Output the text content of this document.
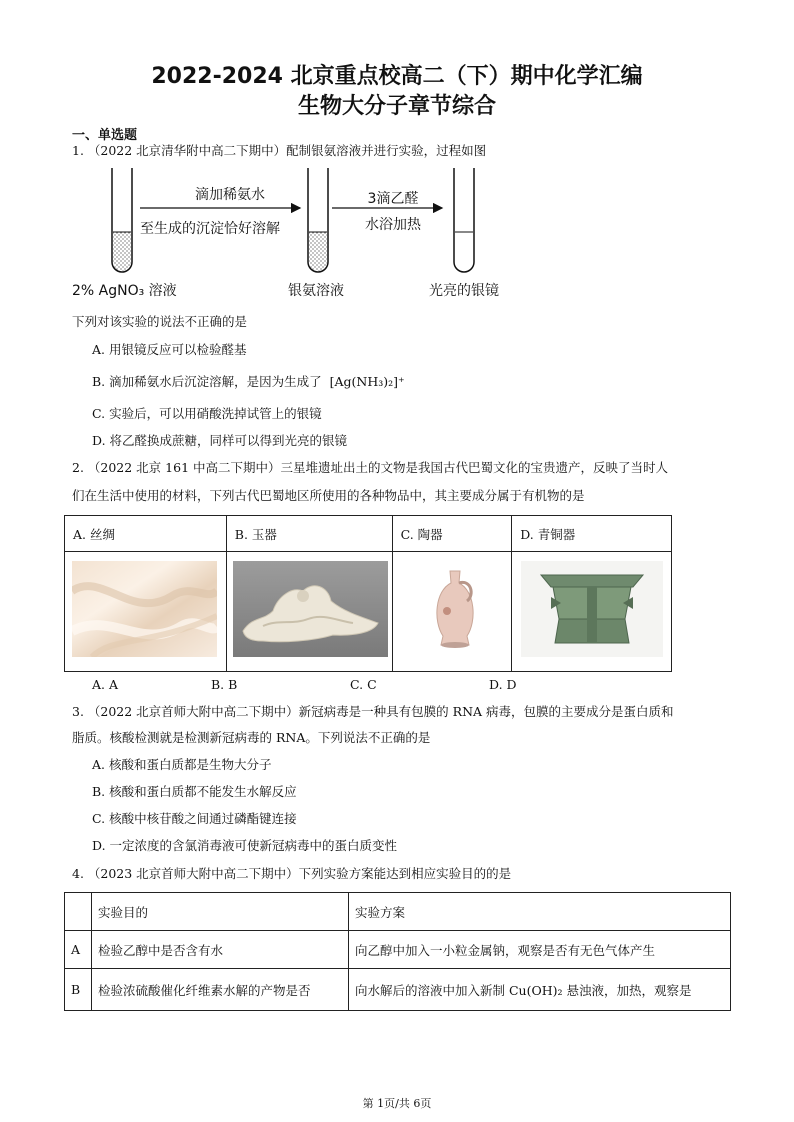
2022-2024 北京重点校高二（下）期中化学汇编
生物大分子章节综合
一、单选题
1. （2022 北京清华附中高二下期中）配制银氨溶液并进行实验，过程如图
滴加稀氨水
至生成的沉淀恰好溶解
3滴乙醛
水浴加热
2% AgNO₃ 溶液	银氨溶液	光亮的银镜
下列对该实验的说法不正确的是
A. 用银镜反应可以检验醛基
B. 滴加稀氨水后沉淀溶解，是因为生成了 [Ag(NH₃)₂]⁺
C. 实验后，可以用硝酸洗掉试管上的银镜
D. 将乙醛换成蔗糖，同样可以得到光亮的银镜
2. （2022 北京 161 中高二下期中）三星堆遗址出土的文物是我国古代巴蜀文化的宝贵遗产，反映了当时人
们在生活中使用的材料，下列古代巴蜀地区所使用的各种物品中，其主要成分属于有机物的是
A. 丝绸	B. 玉器	C. 陶器	D. 青铜器

A. A	B. B	C. C	D. D
3. （2022 北京首师大附中高二下期中）新冠病毒是一种具有包膜的 RNA 病毒，包膜的主要成分是蛋白质和
脂质。核酸检测就是检测新冠病毒的 RNA。下列说法不正确的是
A. 核酸和蛋白质都是生物大分子
B. 核酸和蛋白质都不能发生水解反应
C. 核酸中核苷酸之间通过磷酯键连接
D. 一定浓度的含氯消毒液可使新冠病毒中的蛋白质变性
4. （2023 北京首师大附中高二下期中）下列实验方案能达到相应实验目的的是
	实验目的	实验方案
A	检验乙醇中是否含有水	向乙醇中加入一小粒金属钠，观察是否有无色气体产生
B	检验浓硫酸催化纤维素水解的产物是否	向水解后的溶液中加入新制 Cu(OH)₂ 悬浊液，加热，观察是
第 1页/共 6页
